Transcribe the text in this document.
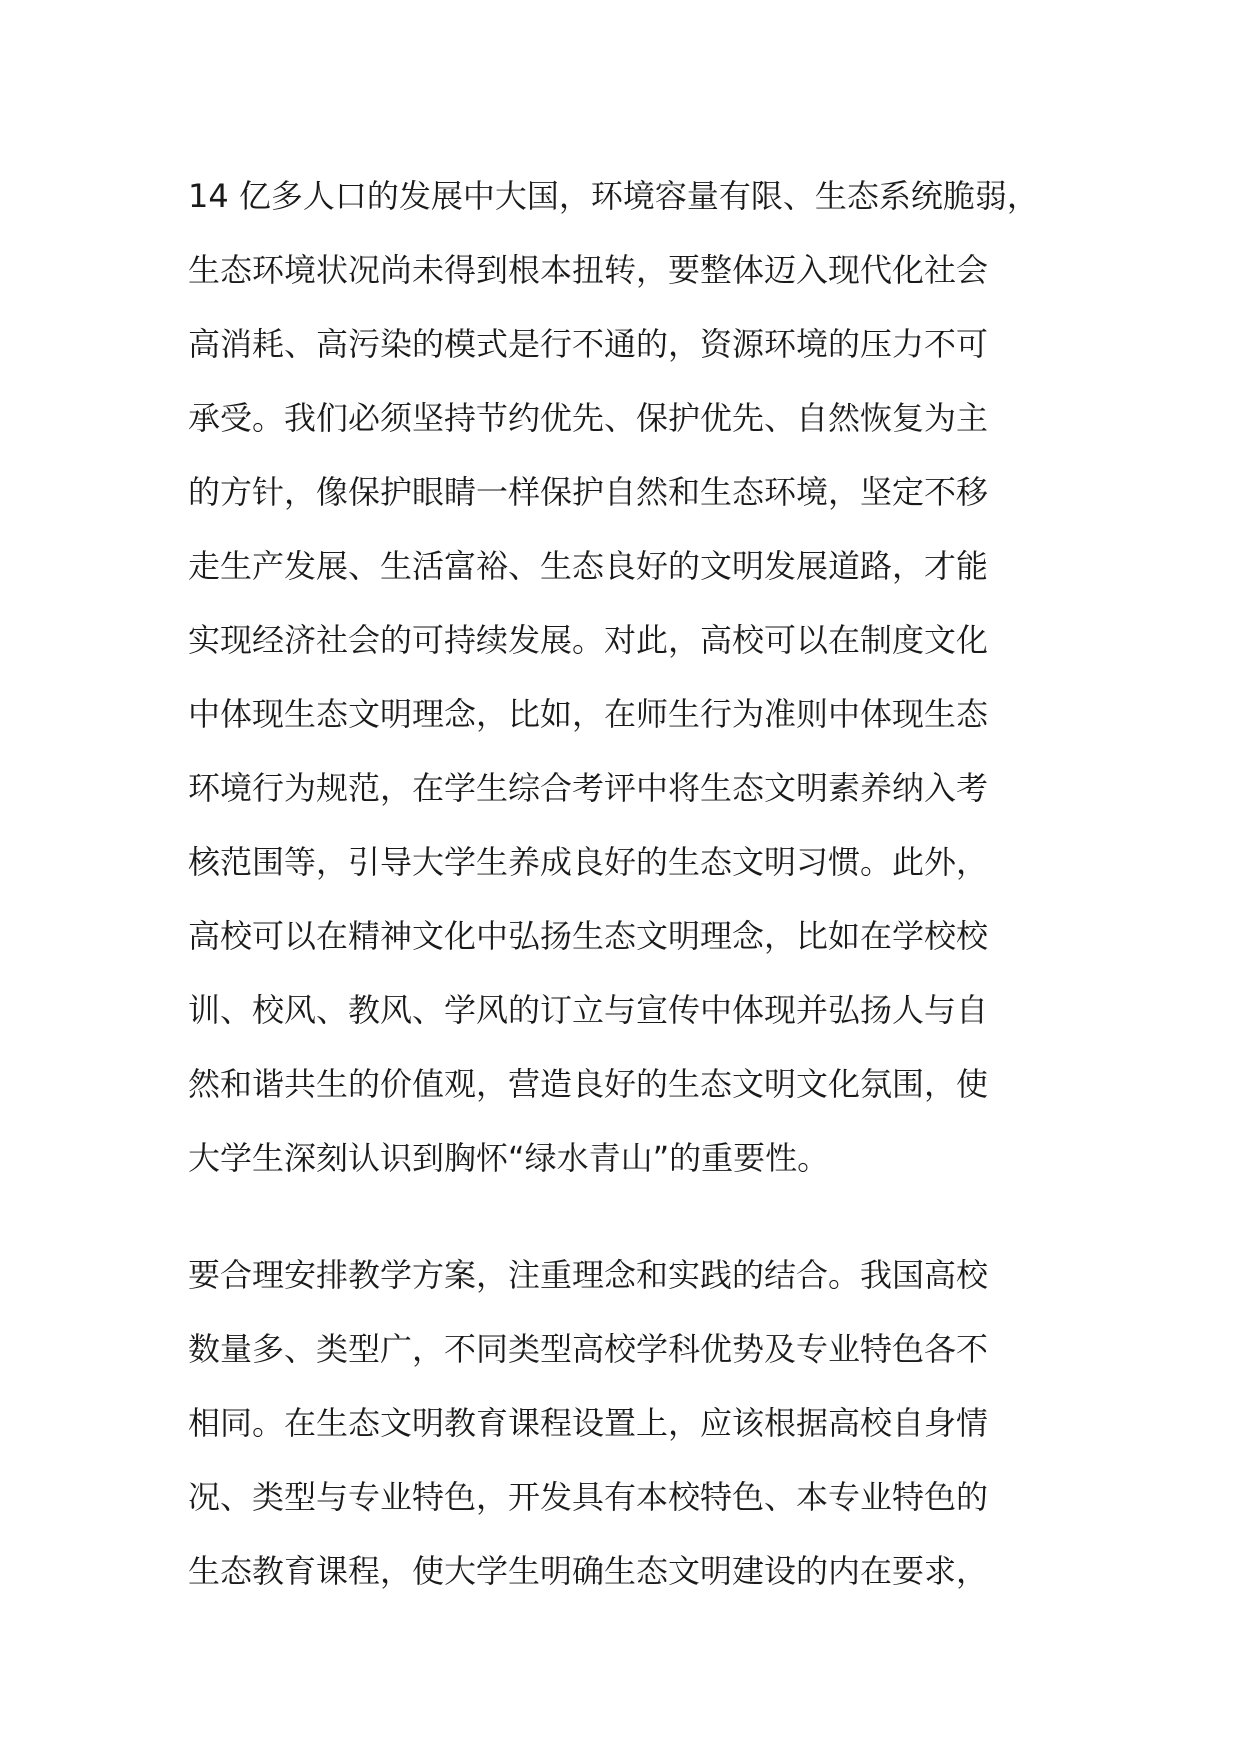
14 亿多人口的发展中大国，环境容量有限、生态系统脆弱，
生态环境状况尚未得到根本扭转，要整体迈入现代化社会
高消耗、高污染的模式是行不通的，资源环境的压力不可
承受。我们必须坚持节约优先、保护优先、自然恢复为主
的方针，像保护眼睛一样保护自然和生态环境，坚定不移
走生产发展、生活富裕、生态良好的文明发展道路，才能
实现经济社会的可持续发展。对此，高校可以在制度文化
中体现生态文明理念，比如，在师生行为准则中体现生态
环境行为规范，在学生综合考评中将生态文明素养纳入考
核范围等，引导大学生养成良好的生态文明习惯。此外，
高校可以在精神文化中弘扬生态文明理念，比如在学校校
训、校风、教风、学风的订立与宣传中体现并弘扬人与自
然和谐共生的价值观，营造良好的生态文明文化氛围，使
大学生深刻认识到胸怀“绿水青山”的重要性。
要合理安排教学方案，注重理念和实践的结合。我国高校
数量多、类型广，不同类型高校学科优势及专业特色各不
相同。在生态文明教育课程设置上，应该根据高校自身情
况、类型与专业特色，开发具有本校特色、本专业特色的
生态教育课程，使大学生明确生态文明建设的内在要求，
